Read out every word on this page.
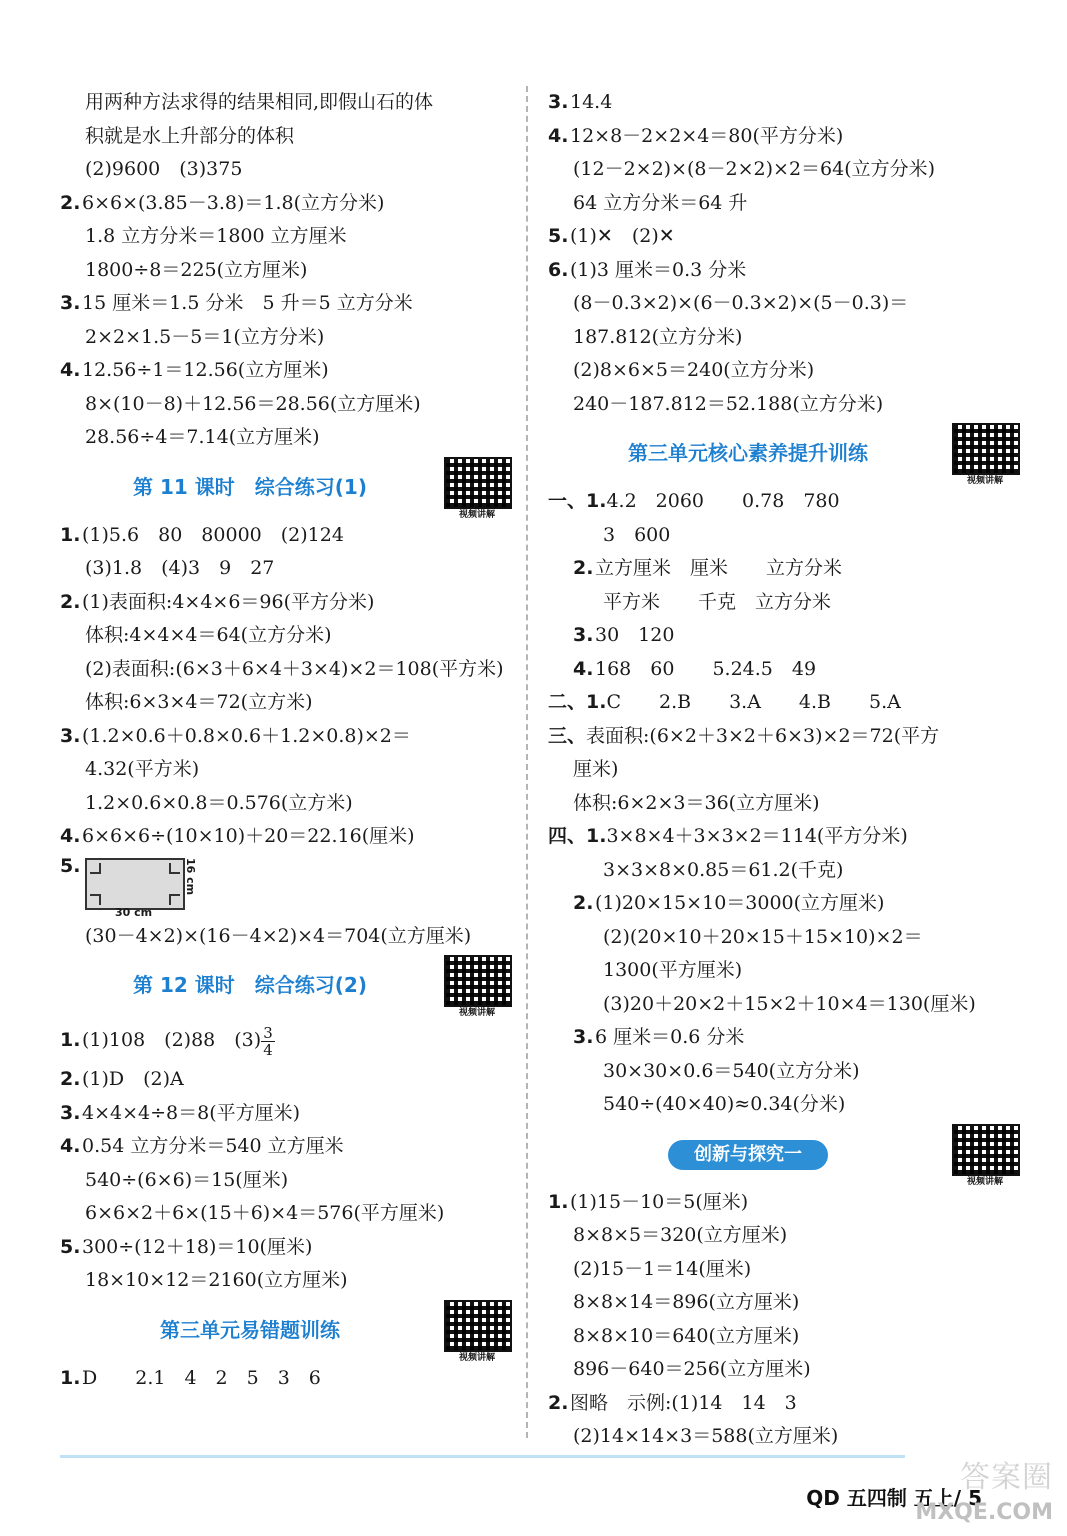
用两种方法求得的结果相同,即假山石的体
积就是水上升部分的体积
(2)9600　(3)375
2.6×6×(3.85－3.8)＝1.8(立方分米)
1.8 立方分米＝1800 立方厘米
1800÷8＝225(立方厘米)
3.15 厘米＝1.5 分米　5 升＝5 立方分米
2×2×1.5－5＝1(立方分米)
4.12.56÷1＝12.56(立方厘米)
8×(10－8)＋12.56＝28.56(立方厘米)
28.56÷4＝7.14(立方厘米)
第 11 课时　综合练习(1)
视频讲解
1.(1)5.6　80　80000　(2)124
(3)1.8　(4)3　9　27
2.(1)表面积:4×4×6＝96(平方分米)
体积:4×4×4＝64(立方分米)
(2)表面积:(6×3＋6×4＋3×4)×2＝108(平方米)
体积:6×3×4＝72(立方米)
3.(1.2×0.6＋0.8×0.6＋1.2×0.8)×2＝
4.32(平方米)
1.2×0.6×0.8＝0.576(立方米)
4.6×6×6÷(10×10)＋20＝22.16(厘米)
5.
30 cm
16 cm
(30－4×2)×(16－4×2)×4＝704(立方厘米)
第 12 课时　综合练习(2)
视频讲解
1.(1)108　(2)88　$(3) \frac{3}{4}$
2.(1)D　(2)A
3.4×4×4÷8＝8(平方厘米)
4.0.54 立方分米＝540 立方厘米
540÷(6×6)＝15(厘米)
6×6×2＋6×(15＋6)×4＝576(平方厘米)
5.300÷(12＋18)＝10(厘米)
18×10×12＝2160(立方厘米)
第三单元易错题训练
视频讲解
1.D　　2.1　4　2　5　3　6
3.14.4
4.12×8－2×2×4＝80(平方分米)
(12－2×2)×(8－2×2)×2＝64(立方分米)
64 立方分米＝64 升
5.(1)✕　(2)✕
6.(1)3 厘米＝0.3 分米
(8－0.3×2)×(6－0.3×2)×(5－0.3)＝
187.812(立方分米)
(2)8×6×5＝240(立方分米)
240－187.812＝52.188(立方分米)
第三单元核心素养提升训练
视频讲解
一、1.4.2　2060　　0.78　780
3　600
2.立方厘米　厘米　　立方分米
平方米　　千克　立方分米
3.30　120
4.168　60　　5.24.5　49
二、1.C　　2.B　　3.A　　4.B　　5.A
三、表面积:(6×2＋3×2＋6×3)×2＝72(平方
厘米)
体积:6×2×3＝36(立方厘米)
四、1.3×8×4＋3×3×2＝114(平方分米)
3×3×8×0.85＝61.2(千克)
2.(1)20×15×10＝3000(立方厘米)
(2)(20×10＋20×15＋15×10)×2＝
1300(平方厘米)
(3)20＋20×2＋15×2＋10×4＝130(厘米)
3.6 厘米＝0.6 分米
30×30×0.6＝540(立方分米)
540÷(40×40)≈0.34(分米)
创新与探究一
视频讲解
1.(1)15－10＝5(厘米)
8×8×5＝320(立方厘米)
(2)15－1＝14(厘米)
8×8×14＝896(立方厘米)
8×8×10＝640(立方厘米)
896－640＝256(立方厘米)
2.图略　示例:(1)14　14　3
(2)14×14×3＝588(立方厘米)
QD 五四制 五上/ 5
答案圈
MXQE.COM
